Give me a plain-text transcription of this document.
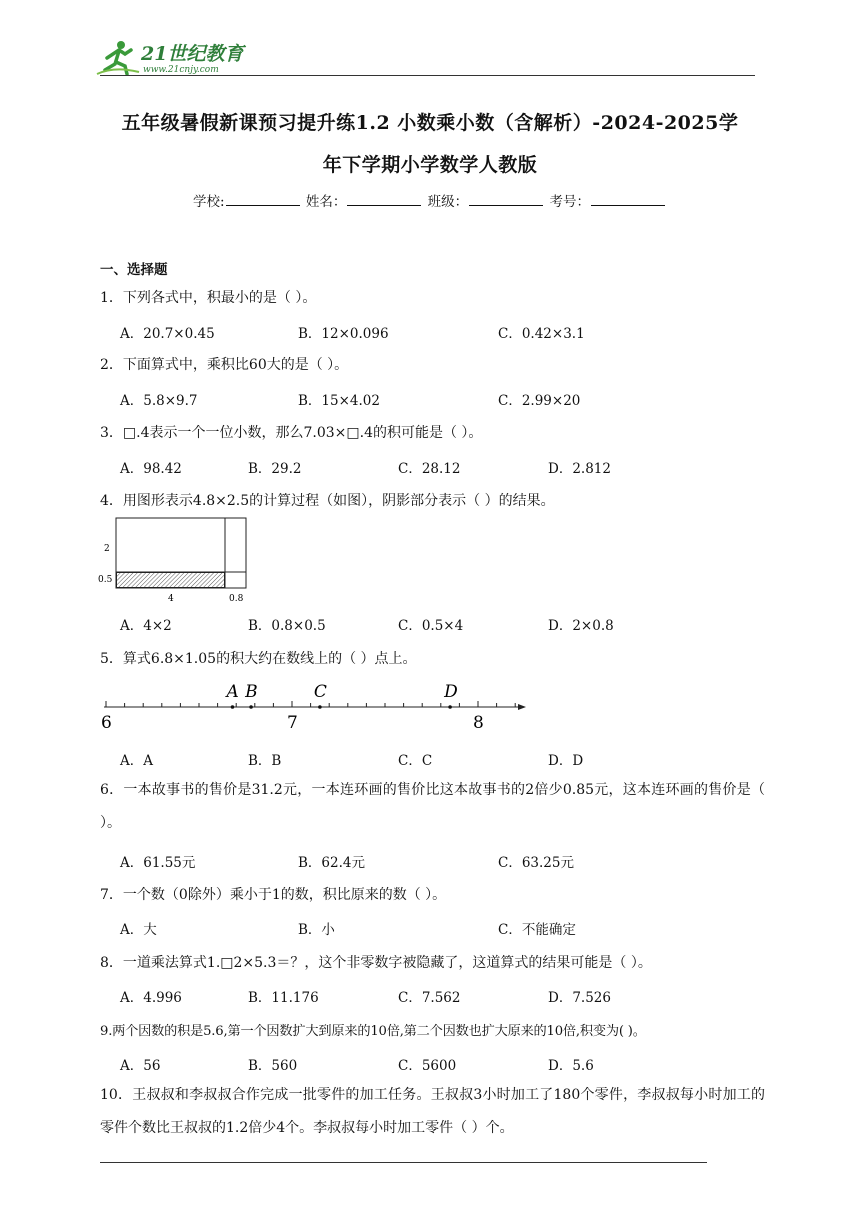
21世纪教育
www.21cnjy.com
五年级暑假新课预习提升练1.2 小数乘小数（含解析）-2024-2025学
年下学期小学数学人教版
学校:	姓名：	班级：	考号：
一、选择题
1．下列各式中，积最小的是（ ）。
A．20.7×0.45	B．12×0.096	C．0.42×3.1
2．下面算式中，乘积比60大的是（ ）。
A．5.8×9.7	B．15×4.02	C．2.99×20
3．□.4表示一个一位小数，那么7.03×□.4的积可能是（ ）。
A．98.42	B．29.2	C．28.12	D．2.812
4．用图形表示4.8×2.5的计算过程（如图），阴影部分表示（ ）的结果。
2
0.5
4	0.8
A．4×2	B．0.8×0.5	C．0.5×4	D．2×0.8
5．算式6.8×1.05的积大约在数线上的（ ）点上。
6	7	8
A B	C	D
A．A	B．B	C．C	D．D
6．一本故事书的售价是31.2元，一本连环画的售价比这本故事书的2倍少0.85元，这本连环画的售价是（ ）。
A．61.55元	B．62.4元	C．63.25元
7．一个数（0除外）乘小于1的数，积比原来的数（ ）。
A．大	B．小	C．不能确定
8．一道乘法算式1.□2×5.3＝？，这个非零数字被隐藏了，这道算式的结果可能是（ ）。
A．4.996	B．11.176	C．7.562	D．7.526
9.两个因数的积是5.6,第一个因数扩大到原来的10倍,第二个因数也扩大原来的10倍,积变为( )。
A．56	B．560	C．5600	D．5.6
10．王叔叔和李叔叔合作完成一批零件的加工任务。王叔叔3小时加工了180个零件，李叔叔每小时加工的零件个数比王叔叔的1.2倍少4个。李叔叔每小时加工零件（ ）个。
